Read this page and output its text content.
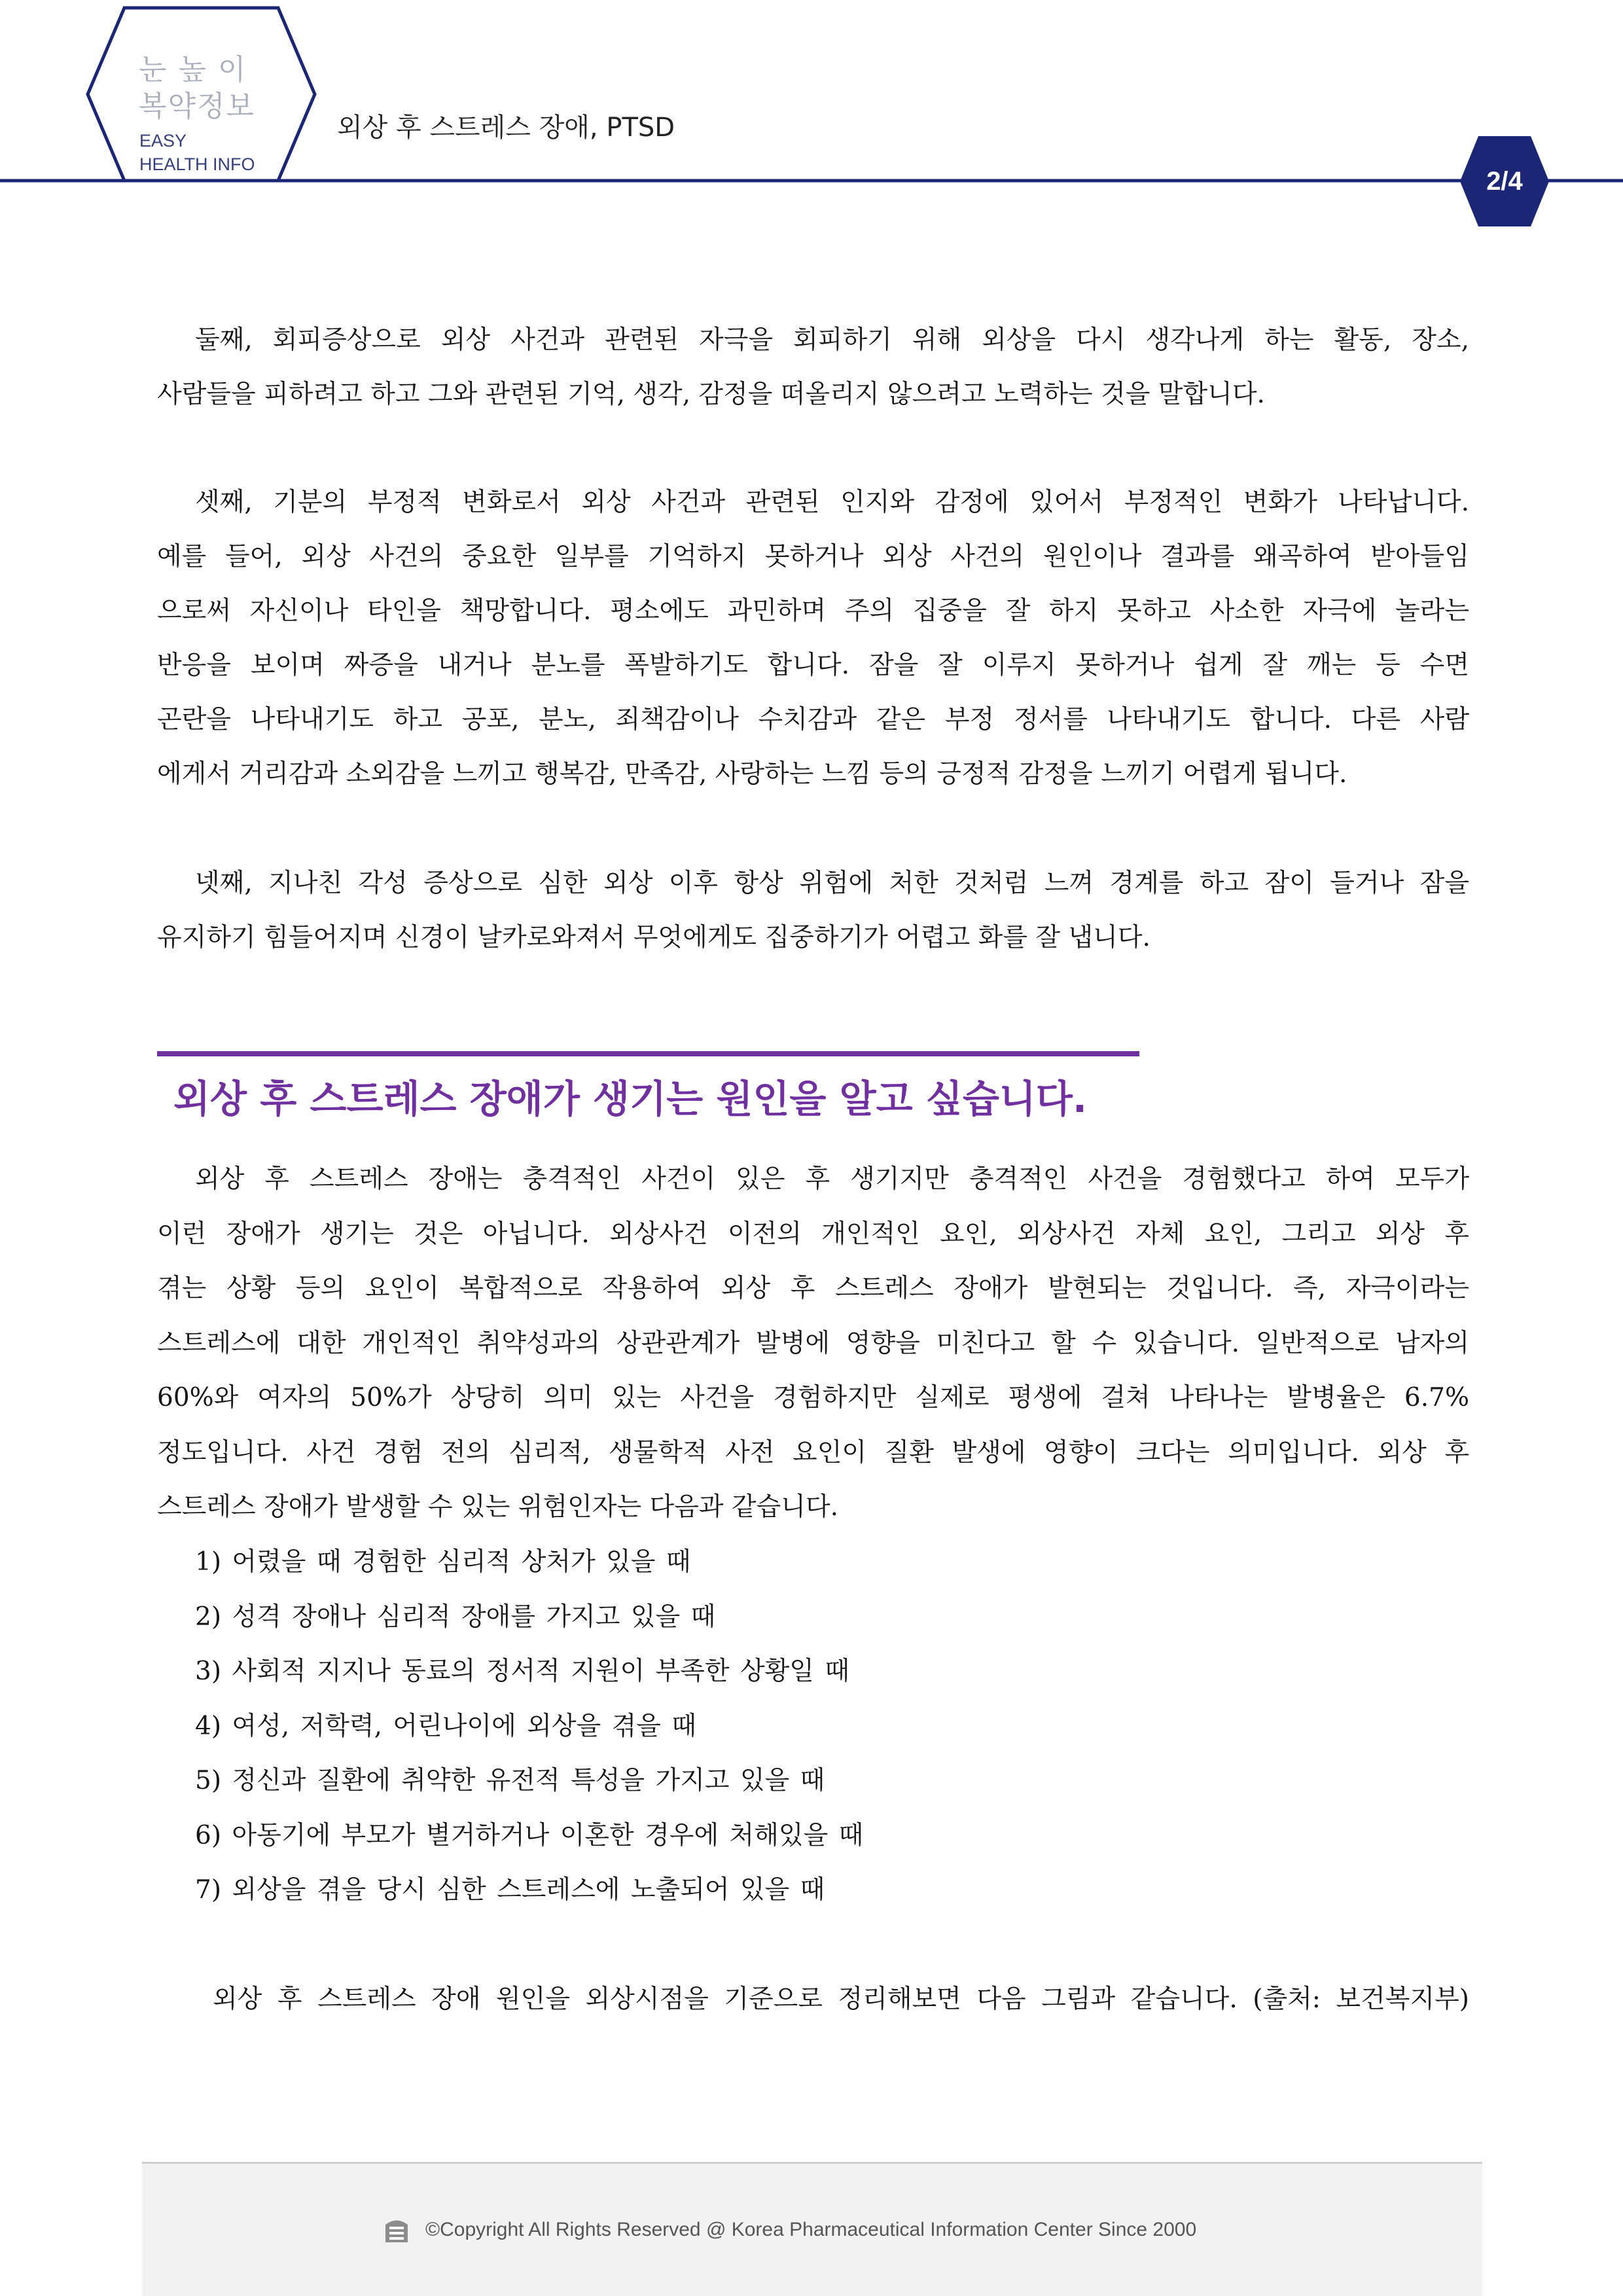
눈 높 이
복약정보
EASY
HEALTH INFO
외상 후 스트레스 장애, PTSD
2/4
둘째, 회피증상으로 외상 사건과 관련된 자극을 회피하기 위해 외상을 다시 생각나게 하는 활동, 장소,
사람들을 피하려고 하고 그와 관련된 기억, 생각, 감정을 떠올리지 않으려고 노력하는 것을 말합니다.
셋째, 기분의 부정적 변화로서 외상 사건과 관련된 인지와 감정에 있어서 부정적인 변화가 나타납니다.
예를 들어, 외상 사건의 중요한 일부를 기억하지 못하거나 외상 사건의 원인이나 결과를 왜곡하여 받아들임
으로써 자신이나 타인을 책망합니다. 평소에도 과민하며 주의 집중을 잘 하지 못하고 사소한 자극에 놀라는
반응을 보이며 짜증을 내거나 분노를 폭발하기도 합니다. 잠을 잘 이루지 못하거나 쉽게 잘 깨는 등 수면
곤란을 나타내기도 하고 공포, 분노, 죄책감이나 수치감과 같은 부정 정서를 나타내기도 합니다. 다른 사람
에게서 거리감과 소외감을 느끼고 행복감, 만족감, 사랑하는 느낌 등의 긍정적 감정을 느끼기 어렵게 됩니다.
넷째, 지나친 각성 증상으로 심한 외상 이후 항상 위험에 처한 것처럼 느껴 경계를 하고 잠이 들거나 잠을
유지하기 힘들어지며 신경이 날카로와져서 무엇에게도 집중하기가 어렵고 화를 잘 냅니다.
외상 후 스트레스 장애가 생기는 원인을 알고 싶습니다.
외상 후 스트레스 장애는 충격적인 사건이 있은 후 생기지만 충격적인 사건을 경험했다고 하여 모두가
이런 장애가 생기는 것은 아닙니다. 외상사건 이전의 개인적인 요인, 외상사건 자체 요인, 그리고 외상 후
겪는 상황 등의 요인이 복합적으로 작용하여 외상 후 스트레스 장애가 발현되는 것입니다. 즉, 자극이라는
스트레스에 대한 개인적인 취약성과의 상관관계가 발병에 영향을 미친다고 할 수 있습니다. 일반적으로 남자의
60%와 여자의 50%가 상당히 의미 있는 사건을 경험하지만 실제로 평생에 걸쳐 나타나는 발병율은 6.7%
정도입니다. 사건 경험 전의 심리적, 생물학적 사전 요인이 질환 발생에 영향이 크다는 의미입니다. 외상 후
스트레스 장애가 발생할 수 있는 위험인자는 다음과 같습니다.
1) 어렸을 때 경험한 심리적 상처가 있을 때
2) 성격 장애나 심리적 장애를 가지고 있을 때
3) 사회적 지지나 동료의 정서적 지원이 부족한 상황일 때
4) 여성, 저학력, 어린나이에 외상을 겪을 때
5) 정신과 질환에 취약한 유전적 특성을 가지고 있을 때
6) 아동기에 부모가 별거하거나 이혼한 경우에 처해있을 때
7) 외상을 겪을 당시 심한 스트레스에 노출되어 있을 때
외상 후 스트레스 장애 원인을 외상시점을 기준으로 정리해보면 다음 그림과 같습니다. (출처: 보건복지부)
©Copyright All Rights Reserved @ Korea Pharmaceutical Information Center Since 2000
